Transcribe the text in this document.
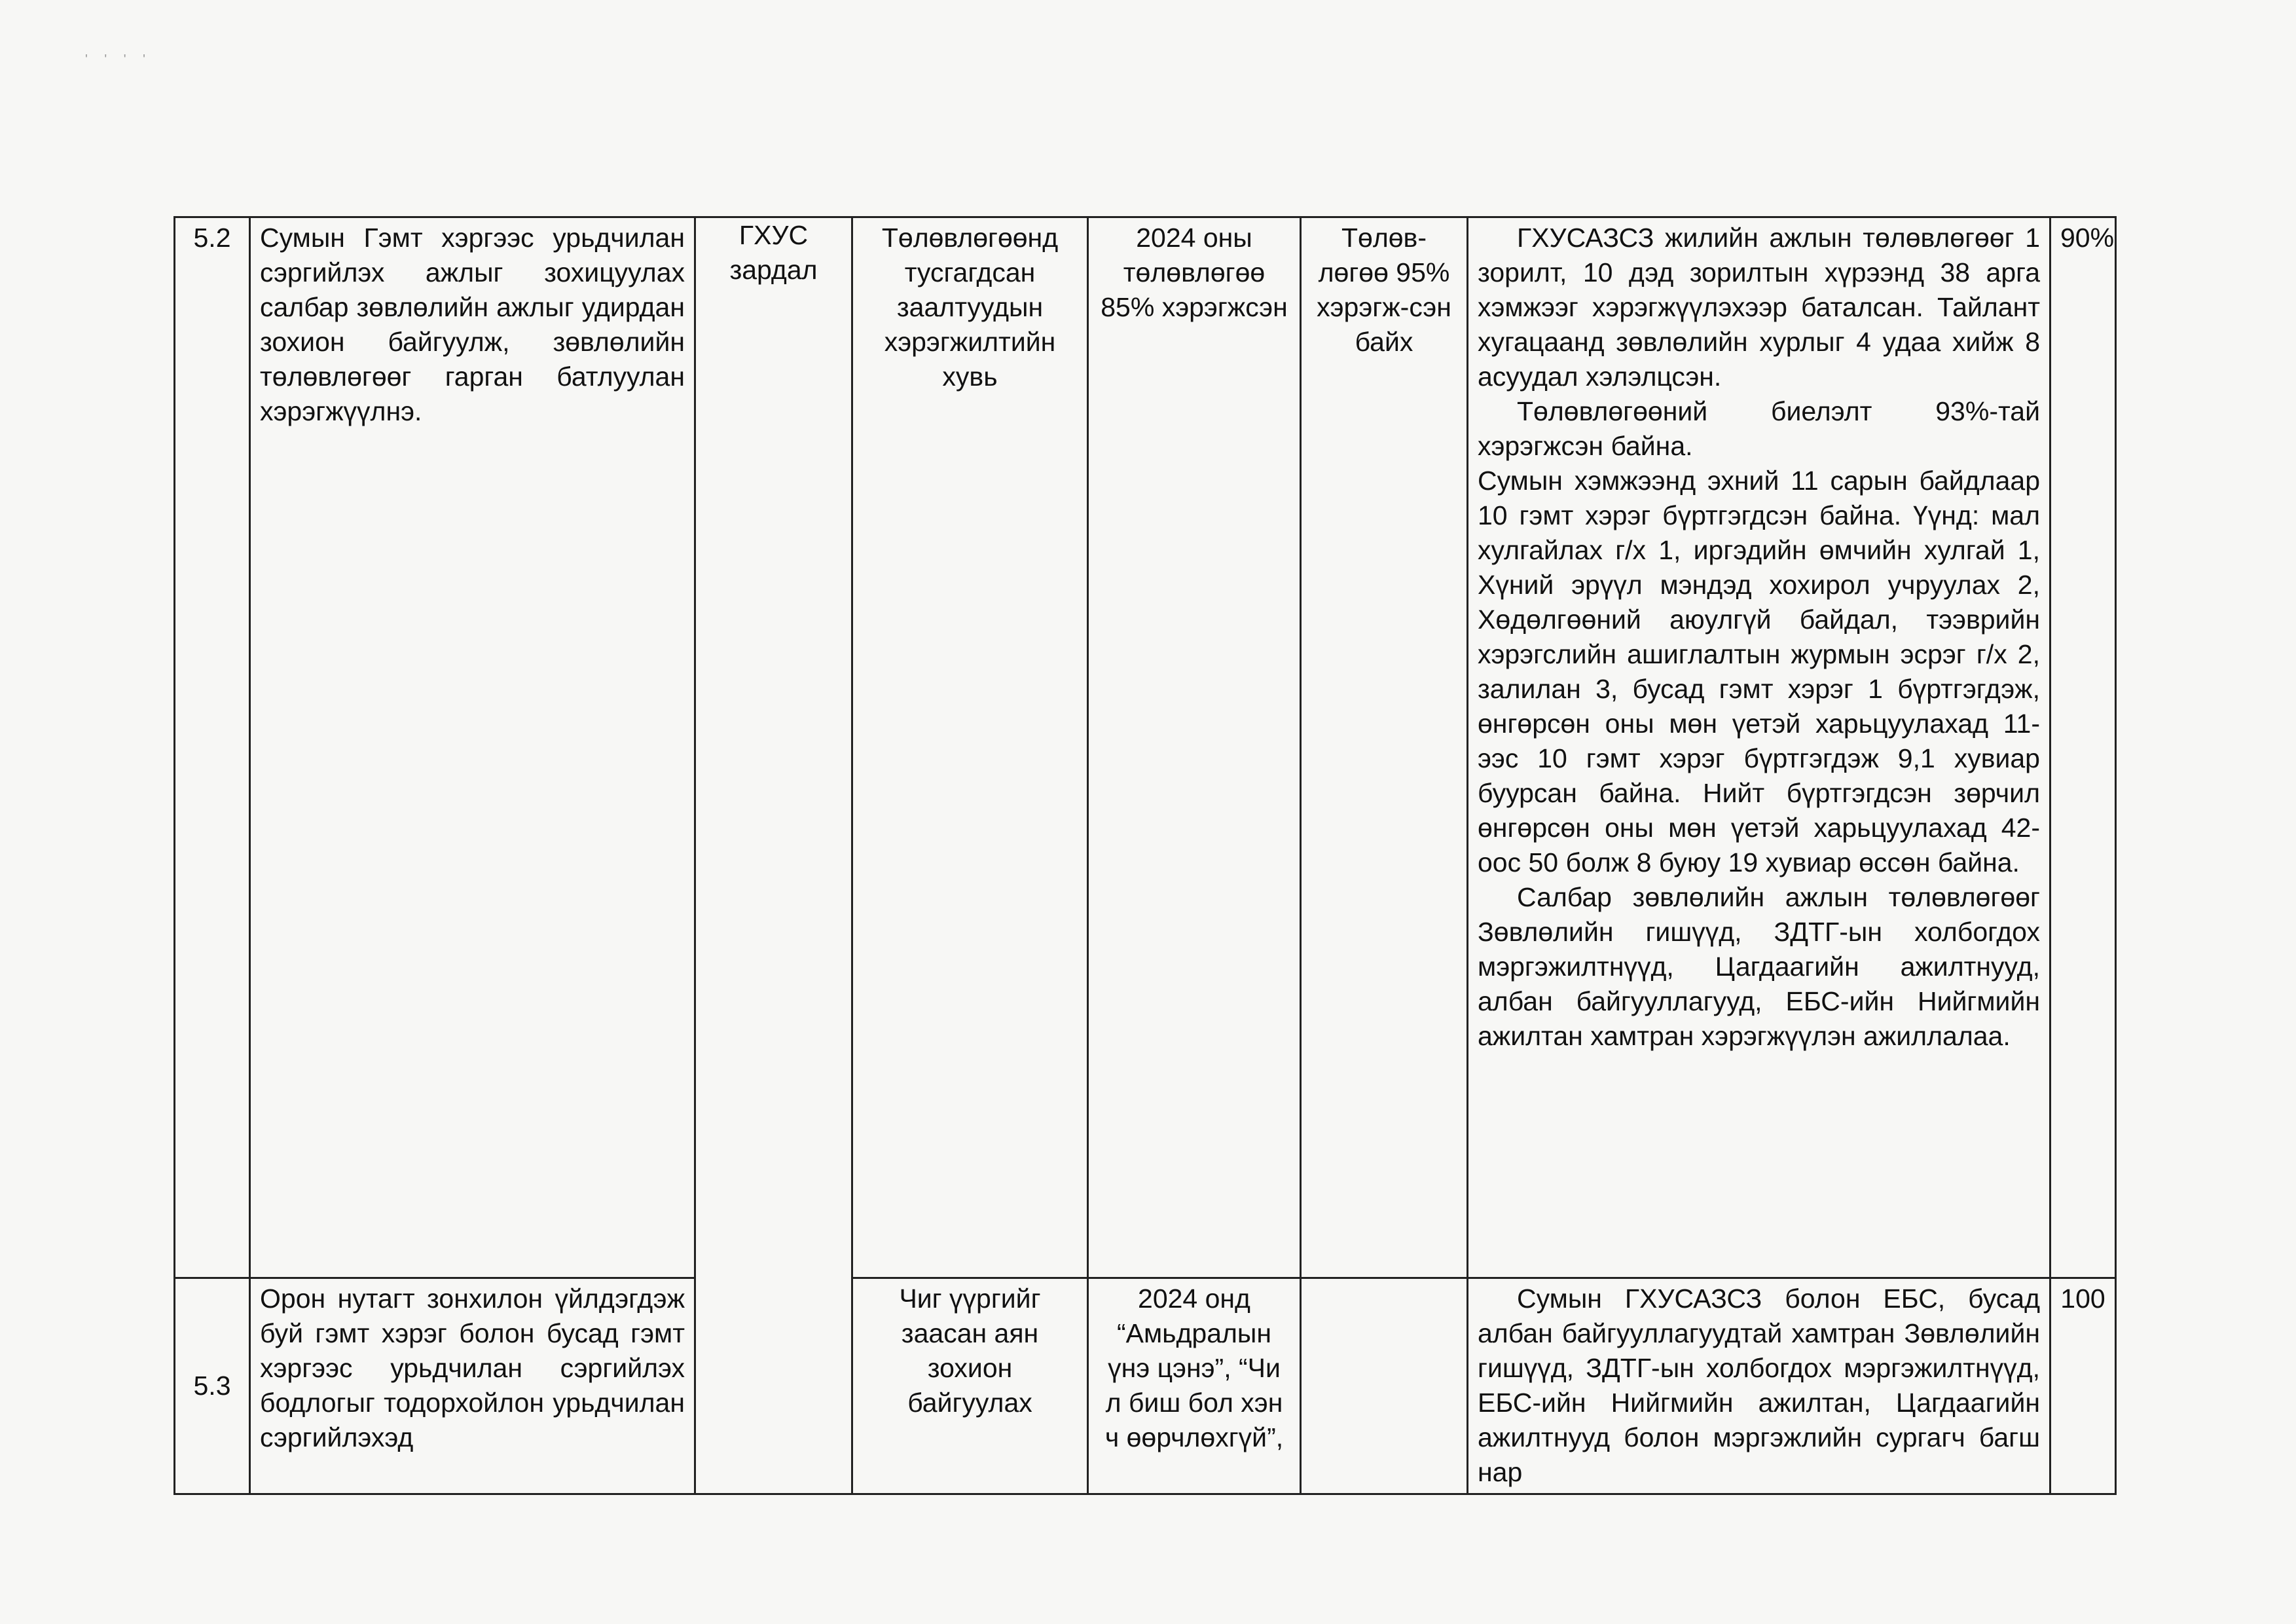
' ' ' '
5.2	Сумын Гэмт хэргээс урьдчилан сэргийлэх ажлыг зохицуулах салбар зөвлөлийн ажлыг удирдан зохион байгуулж, зөвлөлийн төлөвлөгөөг гарган батлуулан хэрэгжүүлнэ.	ГХУС зардал	Төлөвлөгөөнд тусгагдсан заалтуудын хэрэгжилтийн хувь	2024 оны төлөвлөгөө 85% хэрэгжсэн	Төлөв-лөгөө 95% хэрэгж-сэн байх	ГХУСАЗСЗ жилийн ажлын төлөвлөгөөг 1 зорилт, 10 дэд зорилтын хүрээнд 38 арга хэмжээг хэрэгжүүлэхээр баталсан. Тайлант хугацаанд зөвлөлийн хурлыг 4 удаа хийж 8 асуудал хэлэлцсэн.

Төлөвлөгөөний биелэлт 93%-тай хэрэгжсэн байна.

Сумын хэмжээнд эхний 11 сарын байдлаар 10 гэмт хэрэг бүртгэгдсэн байна. Үүнд: мал хулгайлах г/х 1, иргэдийн өмчийн хулгай 1, Хүний эрүүл мэндэд хохирол учруулах 2, Хөдөлгөөний аюулгүй байдал, тээврийн хэрэгслийн ашиглалтын журмын эсрэг г/х 2, залилан 3, бусад гэмт хэрэг 1 бүртгэгдэж, өнгөрсөн оны мөн үетэй харьцуулахад 11-ээс 10 гэмт хэрэг бүртгэгдэж 9,1 хувиар буурсан байна. Нийт бүртгэгдсэн зөрчил өнгөрсөн оны мөн үетэй харьцуулахад 42-оос 50 болж 8 буюу 19 хувиар өссөн байна.

Салбар зөвлөлийн ажлын төлөвлөгөөг Зөвлөлийн гишүүд, ЗДТГ-ын холбогдох мэргэжилтнүүд, Цагдаагийн ажилтнууд, албан байгууллагууд, ЕБС-ийн Нийгмийн ажилтан хамтран хэрэгжүүлэн ажиллалаа.	90%
5.3	Орон нутагт зонхилон үйлдэгдэж буй гэмт хэрэг болон бусад гэмт хэргээс урьдчилан сэргийлэх бодлогыг тодорхойлон урьдчилан сэргийлэхэд		Чиг үүргийг заасан аян зохион байгуулах	2024 онд “Амьдралын үнэ цэнэ”, “Чи л биш бол хэн ч өөрчлөхгүй”,		Сумын ГХУСАЗСЗ болон ЕБС, бусад албан байгууллагуудтай хамтран Зөвлөлийн гишүүд, ЗДТГ-ын холбогдох мэргэжилтнүүд, ЕБС-ийн Нийгмийн ажилтан, Цагдаагийн ажилтнууд болон мэргэжлийн сургагч багш нар	100
